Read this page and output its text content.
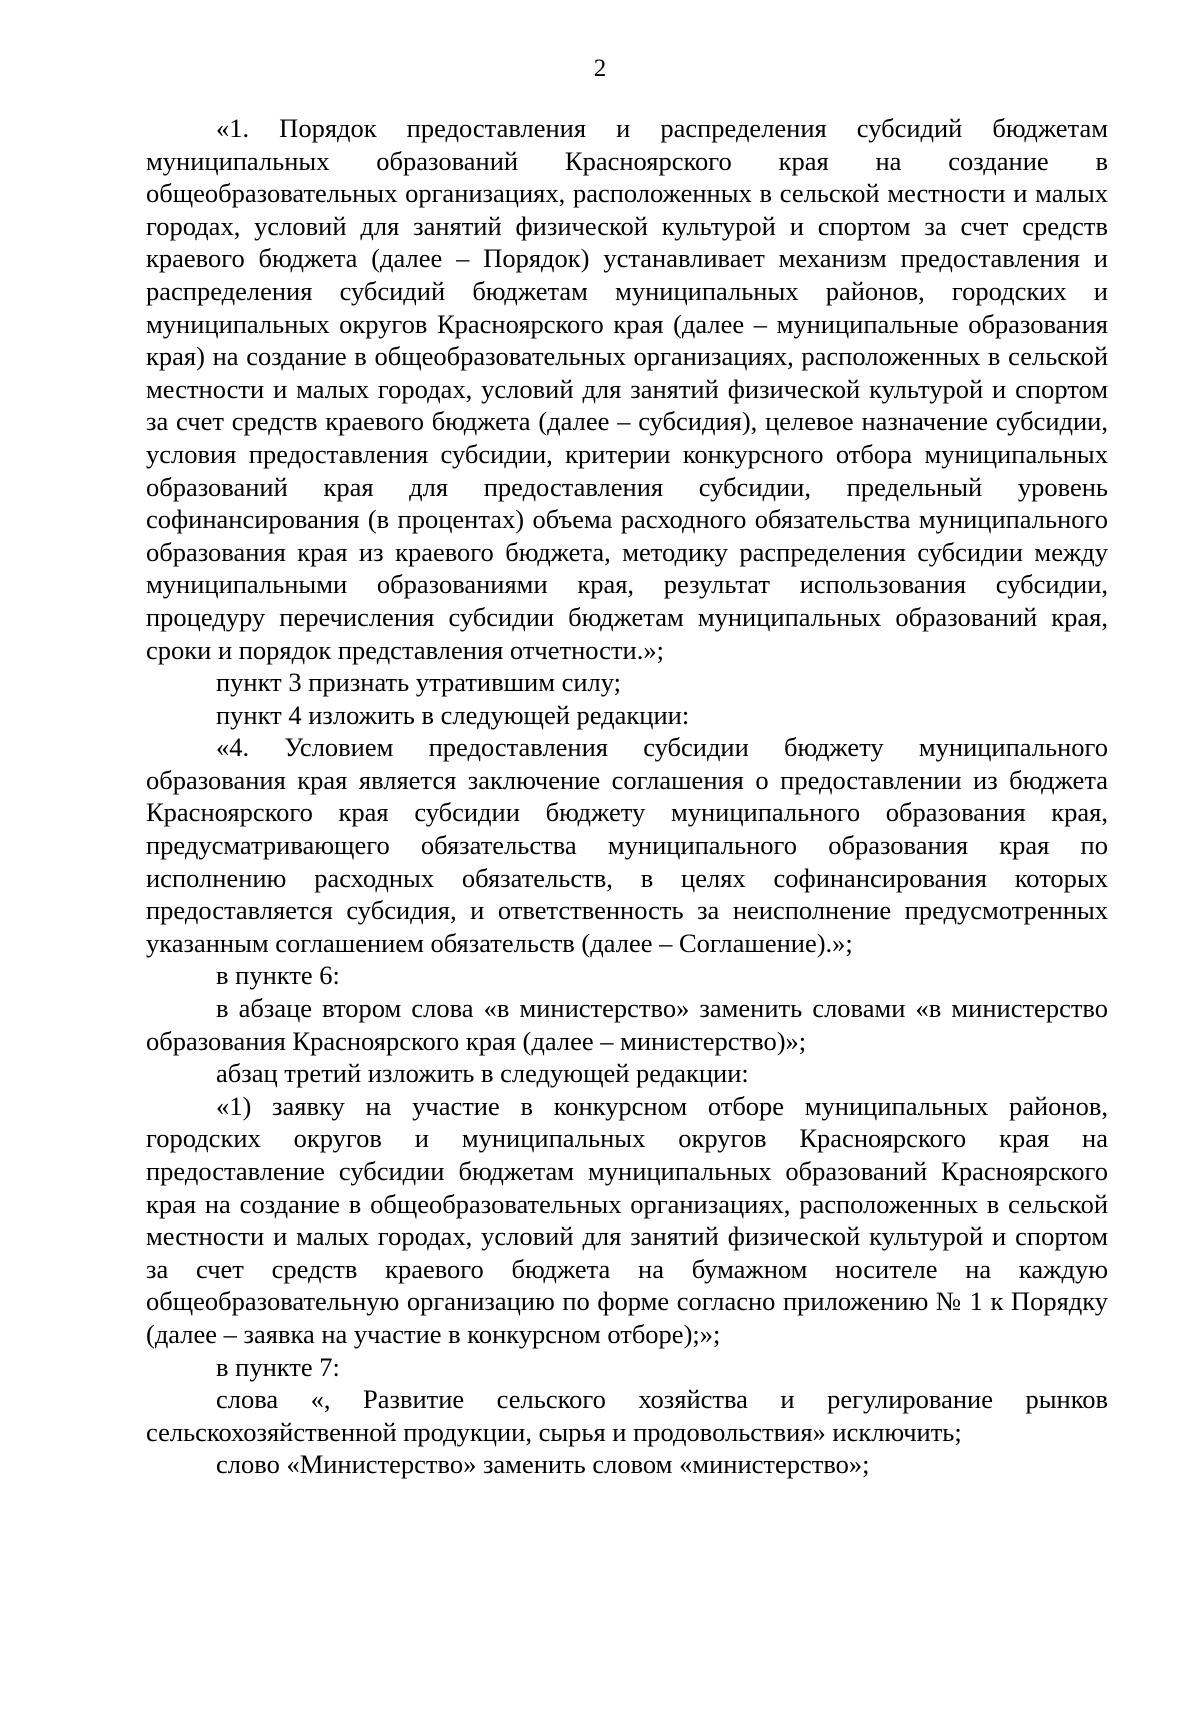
2

«1. Порядок предоставления и распределения субсидий бюджетам муниципальных образований Красноярского края на создание в общеобразовательных организациях, расположенных в сельской местности и малых городах, условий для занятий физической культурой и спортом за счет средств краевого бюджета (далее – Порядок) устанавливает механизм предоставления и распределения субсидий бюджетам муниципальных районов, городских и муниципальных округов Красноярского края (далее – муниципальные образования края) на создание в общеобразовательных организациях, расположенных в сельской местности и малых городах, условий для занятий физической культурой и спортом за счет средств краевого бюджета (далее – субсидия), целевое назначение субсидии, условия предоставления субсидии, критерии конкурсного отбора муниципальных образований края для предоставления субсидии, предельный уровень софинансирования (в процентах) объема расходного обязательства муниципального образования края из краевого бюджета, методику распределения субсидии между муниципальными образованиями края, результат использования субсидии, процедуру перечисления субсидии бюджетам муниципальных образований края, сроки и порядок представления отчетности.»;

пункт 3 признать утратившим силу;

пункт 4 изложить в следующей редакции:

«4. Условием предоставления субсидии бюджету муниципального образования края является заключение соглашения о предоставлении из бюджета Красноярского края субсидии бюджету муниципального образования края, предусматривающего обязательства муниципального образования края по исполнению расходных обязательств, в целях софинансирования которых предоставляется субсидия, и ответственность за неисполнение предусмотренных указанным соглашением обязательств (далее – Соглашение).»;

в пункте 6:

в абзаце втором слова «в министерство» заменить словами «в министерство образования Красноярского края (далее – министерство)»;

абзац третий изложить в следующей редакции:

«1) заявку на участие в конкурсном отборе муниципальных районов, городских округов и муниципальных округов Красноярского края на предоставление субсидии бюджетам муниципальных образований Красноярского края на создание в общеобразовательных организациях, расположенных в сельской местности и малых городах, условий для занятий физической культурой и спортом за счет средств краевого бюджета на бумажном носителе на каждую общеобразовательную организацию по форме согласно приложению № 1 к Порядку (далее – заявка на участие в конкурсном отборе);»;

в пункте 7:

слова «, Развитие сельского хозяйства и регулирование рынков сельскохозяйственной продукции, сырья и продовольствия» исключить;

слово «Министерство» заменить словом «министерство»;
